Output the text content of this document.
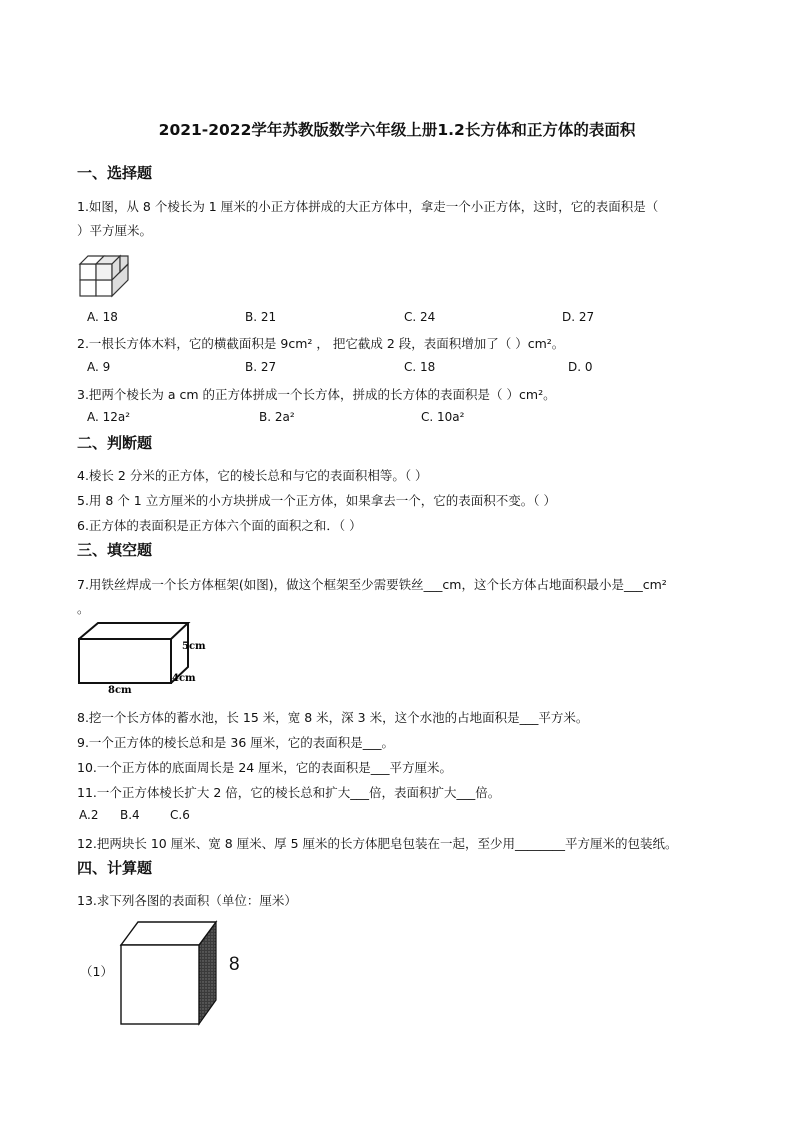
2021-2022学年苏教版数学六年级上册1.2长方体和正方体的表面积
一、选择题
1.如图，从 8 个棱长为 1 厘米的小正方体拼成的大正方体中，拿走一个小正方体，这时，它的表面积是（
）平方厘米。
A. 18	B. 21	C. 24	D. 27
2.一根长方体木料，它的横截面积是 9cm² ， 把它截成 2 段，表面积增加了（ ）cm²。
A. 9	B. 27	C. 18	D. 0
3.把两个棱长为 a cm 的正方体拼成一个长方体，拼成的长方体的表面积是（ ）cm²。
A. 12a²	B. 2a²	C. 10a²
二、判断题
4.棱长 2 分米的正方体，它的棱长总和与它的表面积相等。（ ）
5.用 8 个 1 立方厘米的小方块拼成一个正方体，如果拿去一个，它的表面积不变。（ ）
6.正方体的表面积是正方体六个面的面积之和．（ ）
三、填空题
7.用铁丝焊成一个长方体框架(如图)，做这个框架至少需要铁丝___cm，这个长方体占地面积最小是___cm²
。
5cm
4cm
8cm
8.挖一个长方体的蓄水池，长 15 米，宽 8 米，深 3 米，这个水池的占地面积是___平方米。
9.一个正方体的棱长总和是 36 厘米，它的表面积是___。
10.一个正方体的底面周长是 24 厘米，它的表面积是___平方厘米。
11.一个正方体棱长扩大 2 倍，它的棱长总和扩大___倍，表面积扩大___倍。
A.2 B.4	C.6
12.把两块长 10 厘米、宽 8 厘米、厚 5 厘米的长方体肥皂包装在一起，至少用________平方厘米的包装纸。
四、计算题
13.求下列各图的表面积（单位：厘米）
（1）	8
